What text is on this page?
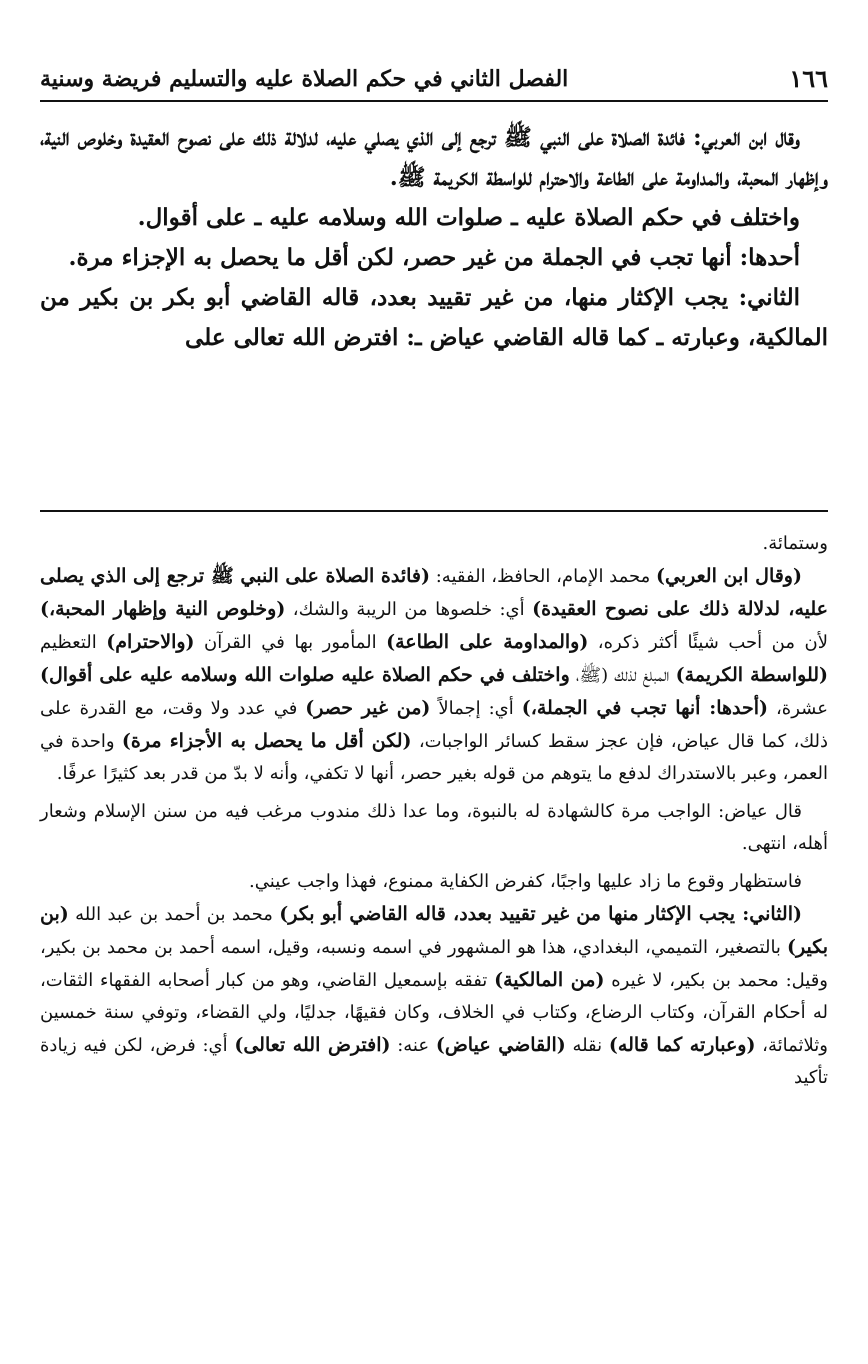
١٦٦
الفصل الثاني في حكم الصلاة عليه والتسليم فريضة وسنية

وقال ابن العربي: فائدة الصلاة على النبي ﷺ ترجع إلى الذي يصلي عليه، لدلالة ذلك على نصوح العقيدة وخلوص النية، وإظهار المحبة، والمداومة على الطاعة والاحترام للواسطة الكريمة ﷺ.

واختلف في حكم الصلاة عليه ـ صلوات الله وسلامه عليه ـ على أقوال.

أحدها: أنها تجب في الجملة من غير حصر، لكن أقل ما يحصل به الإجزاء مرة.

الثاني: يجب الإكثار منها، من غير تقييد بعدد، قاله القاضي أبو بكر بن بكير من المالكية، وعبارته ـ كما قاله القاضي عياض ـ: افترض الله تعالى على

وستمائة.

(وقال ابن العربي) محمد الإمام، الحافظ، الفقيه: (فائدة الصلاة على النبي ﷺ ترجع إلى الذي يصلى عليه، لدلالة ذلك على نصوح العقيدة) أي: خلصوها من الريبة والشك، (وخلوص النية وإظهار المحبة،) لأن من أحب شيئًا أكثر ذكره، (والمداومة على الطاعة) المأمور بها في القرآن (والاحترام) التعظيم (للواسطة الكريمة) المبلغ لذلك (ﷺ، واختلف في حكم الصلاة عليه صلوات الله وسلامه عليه على أقوال) عشرة، (أحدها: أنها تجب في الجملة،) أي: إجمالاً (من غير حصر) في عدد ولا وقت، مع القدرة على ذلك، كما قال عياض، فإن عجز سقط كسائر الواجبات، (لكن أقل ما يحصل به الأجزاء مرة) واحدة في العمر، وعبر بالاستدراك لدفع ما يتوهم من قوله بغير حصر، أنها لا تكفي، وأنه لا بدّ من قدر بعد كثيرًا عرفًا.

قال عياض: الواجب مرة كالشهادة له بالنبوة، وما عدا ذلك مندوب مرغب فيه من سنن الإسلام وشعار أهله، انتهى.

فاستظهار وقوع ما زاد عليها واجبًا، كفرض الكفاية ممنوع، فهذا واجب عيني.

(الثاني: يجب الإكثار منها من غير تقييد بعدد، قاله القاضي أبو بكر) محمد بن أحمد بن عبد الله (بن بكير) بالتصغير، التميمي، البغدادي، هذا هو المشهور في اسمه ونسبه، وقيل، اسمه أحمد بن محمد بن بكير، وقيل: محمد بن بكير، لا غيره (من المالكية) تفقه بإسمعيل القاضي، وهو من كبار أصحابه الفقهاء الثقات، له أحكام القرآن، وكتاب الرضاع، وكتاب في الخلاف، وكان فقيهًا، جدليًا، ولي القضاء، وتوفي سنة خمسين وثلاثمائة، (وعبارته كما قاله) نقله (القاضي عياض) عنه: (افترض الله تعالى) أي: فرض، لكن فيه زيادة تأكيد
